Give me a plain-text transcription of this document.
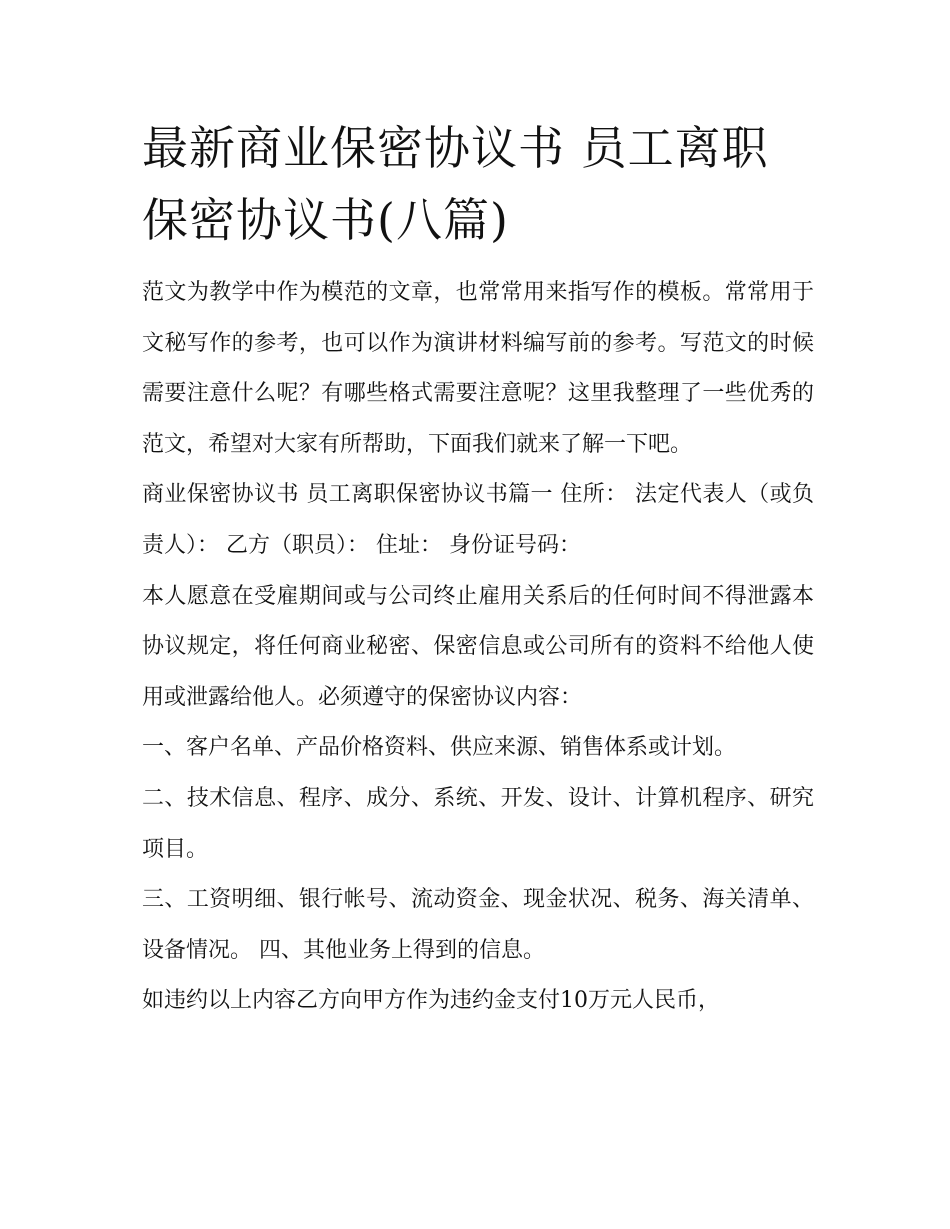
最新商业保密协议书 员工离职保密协议书(八篇)

范文为教学中作为模范的文章，也常常用来指写作的模板。常常用于文秘写作的参考，也可以作为演讲材料编写前的参考。写范文的时候需要注意什么呢？有哪些格式需要注意呢？这里我整理了一些优秀的范文，希望对大家有所帮助，下面我们就来了解一下吧。

商业保密协议书 员工离职保密协议书篇一 住所： 法定代表人（或负责人）： 乙方（职员）： 住址： 身份证号码：

本人愿意在受雇期间或与公司终止雇用关系后的任何时间不得泄露本协议规定，将任何商业秘密、保密信息或公司所有的资料不给他人使用或泄露给他人。必须遵守的保密协议内容：

一、客户名单、产品价格资料、供应来源、销售体系或计划。

二、技术信息、程序、成分、系统、开发、设计、计算机程序、研究项目。

三、工资明细、银行帐号、流动资金、现金状况、税务、海关清单、设备情况。 四、其他业务上得到的信息。

如违约以上内容乙方向甲方作为违约金支付10万元人民币，
